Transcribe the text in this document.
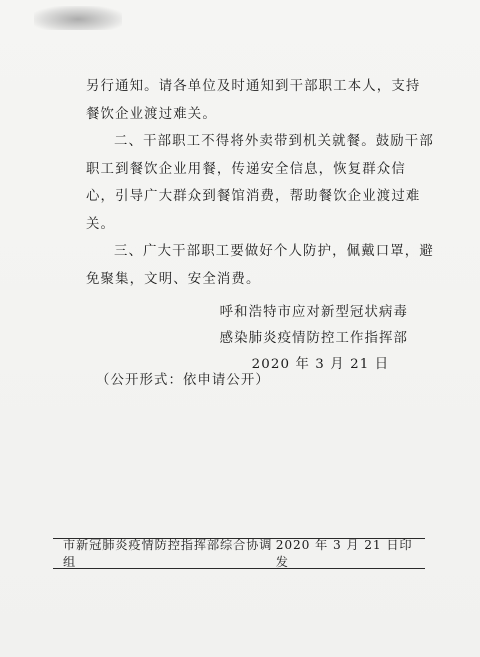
另行通知。请各单位及时通知到干部职工本人，支持餐饮企业渡过难关。

二、干部职工不得将外卖带到机关就餐。鼓励干部职工到餐饮企业用餐，传递安全信息，恢复群众信心，引导广大群众到餐馆消费，帮助餐饮企业渡过难关。

三、广大干部职工要做好个人防护，佩戴口罩，避免聚集，文明、安全消费。

呼和浩特市应对新型冠状病毒
感染肺炎疫情防控工作指挥部
2020 年 3 月 21 日
（公开形式：依申请公开）
市新冠肺炎疫情防控指挥部综合协调组
2020 年 3 月 21 日印发
